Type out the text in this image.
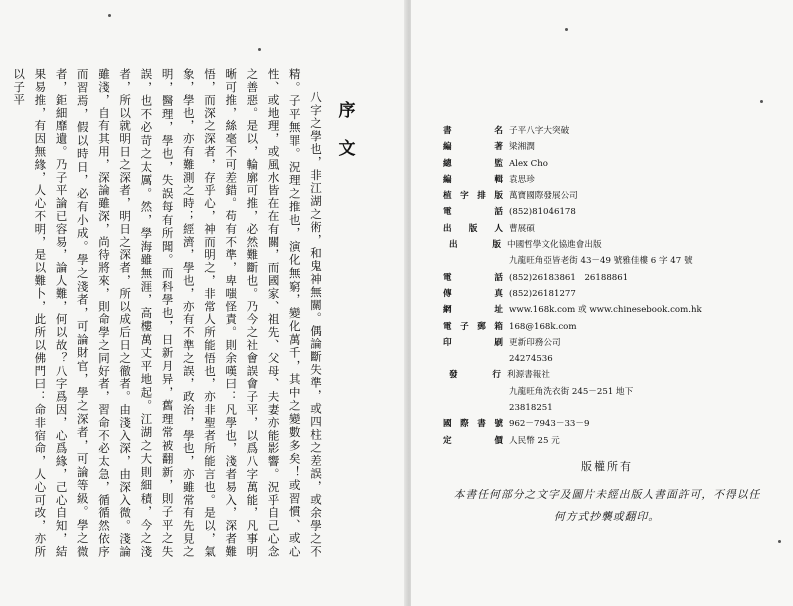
序文

八字之學也，非江湖之術，和鬼神無關。偶論斷失準，或四柱之差誤，或余學之不精。子平無罪。況理之推也，演化無窮，變化萬千，其中之變數多矣！或習慣、或心性、或地理，或風水皆在在有關，而國家、祖先、父母、夫妻亦能影響。況乎自己心念之善惡。是以，輪廓可推，必然難斷也。乃今之社會誤會子平，以爲八字萬能，凡事明晰可推，絲毫不可差錯。苟有不準，卑嗤怪責。則余嘆曰：凡學也，淺者易入，深者難悟，而深之深者，存乎心，神而明之，非常人所能悟也，亦非聖者所能言也。是以，氣象，學也，亦有難測之時；經濟，學也，亦有不準之誤，政治，學也，亦雖常有先見之明，醫理，學也，失誤每有所聞。而科學也，日新月异，舊理常被翻新，則子平之失誤，也不必苛之太厲。然，學海雖無涯，高樓萬丈平地起。江湖之大則細積，今之淺者，所以就明日之深者，明日之深者，所以成后日之徹者。由淺入深，由深入微。淺論雖淺，自有其用，深論雖深，尚待將來，則命學之同好者，習命不必太急，循循然依序而習焉，假以時日，必有小成。學之淺者，可論財官，學之深者，可論等級。學之微者，鉅細靡遺。乃子平論已容易，論人難，何以故？八字爲因，心爲緣，己心自知，結果易推，有因無緣，人心不明，是以難卜，此所以佛門曰：命非宿命，人心可改，亦所以子平

書　名 子平八字大突破
編　著 梁湘潤
總　監 Alex Cho
編　輯 袁思珍
植字排版 萬寶國際發展公司
電　話 (852)81046178
出版人 曹展碩
出　版 中國哲學文化協進會出版
九龍旺角亞皆老街 43－49 號雅佳樓 6 字 47 號
電　話 (852)26183861　26188861
傳　真 (852)26181277
網　址 www.168k.com 或 www.chinesebook.com.hk
電子郵箱 168@168k.com
印　刷 更新印務公司
24274536
發　行 利源書報社
九龍旺角洗衣街 245－251 地下
23818251
國際書號 962－7943－33－9
定　價 人民幣 25 元
版權所有
本書任何部分之文字及圖片未經出版人書面許可，不得以任何方式抄襲或翻印。
